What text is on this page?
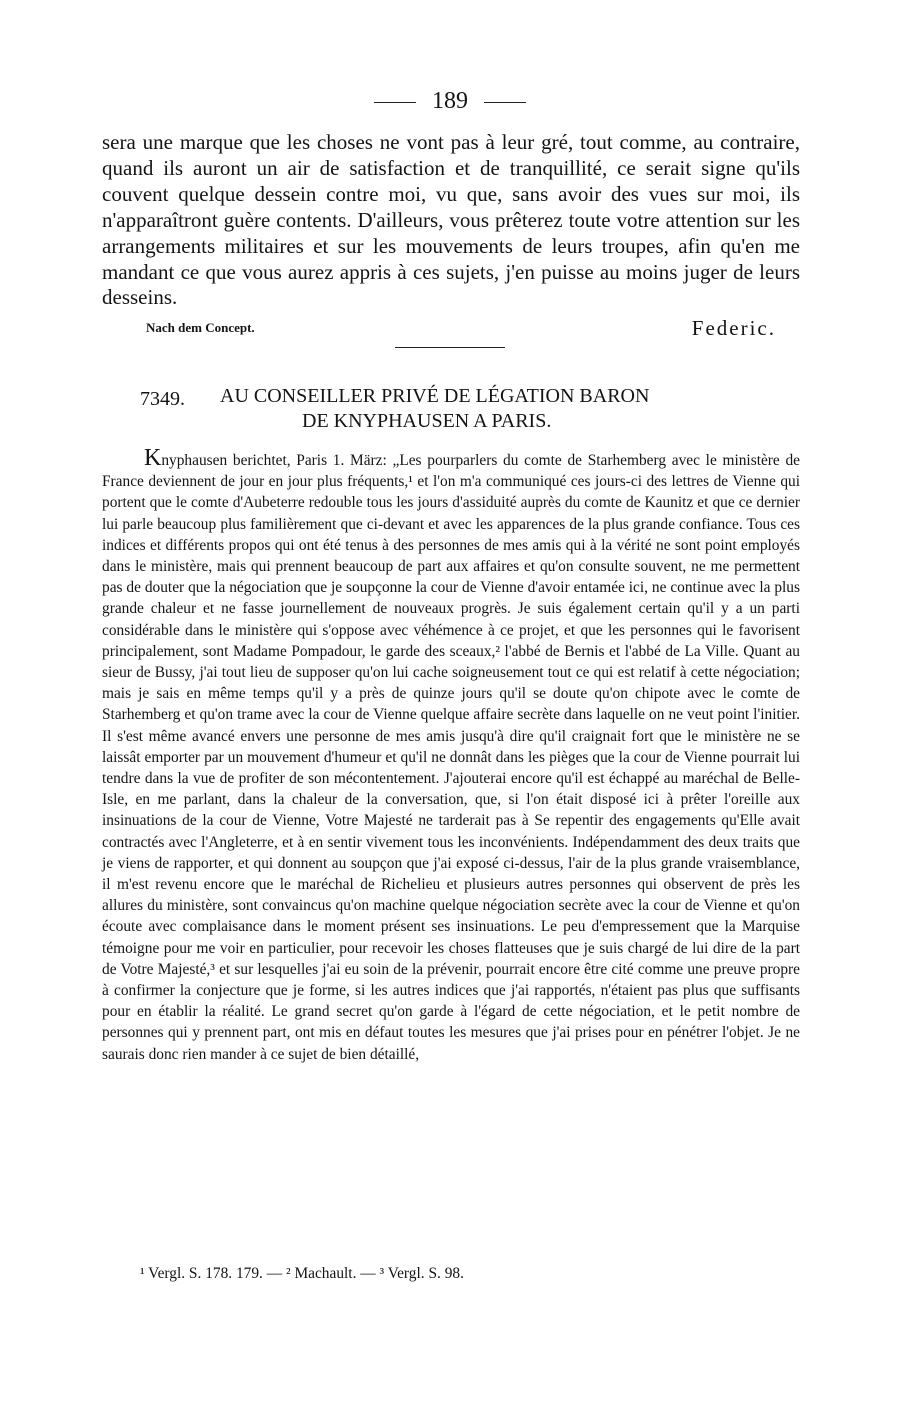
189

sera une marque que les choses ne vont pas à leur gré, tout comme, au contraire, quand ils auront un air de satisfaction et de tranquillité, ce serait signe qu'ils couvent quelque dessein contre moi, vu que, sans avoir des vues sur moi, ils n'apparaîtront guère contents. D'ailleurs, vous prêterez toute votre attention sur les arrangements militaires et sur les mouvements de leurs troupes, afin qu'en me mandant ce que vous aurez appris à ces sujets, j'en puisse au moins juger de leurs desseins.

Nach dem Concept.	Federic.
7349. AU CONSEILLER PRIVÉ DE LÉGATION BARON
DE KNYPHAUSEN A PARIS.

Knyphausen berichtet, Paris 1. März: „Les pourparlers du comte de Starhemberg avec le ministère de France deviennent de jour en jour plus fréquents,¹ et l'on m'a communiqué ces jours-ci des lettres de Vienne qui portent que le comte d'Aubeterre redouble tous les jours d'assiduité auprès du comte de Kaunitz et que ce dernier lui parle beaucoup plus familièrement que ci-devant et avec les apparences de la plus grande confiance. Tous ces indices et différents propos qui ont été tenus à des personnes de mes amis qui à la vérité ne sont point employés dans le ministère, mais qui prennent beaucoup de part aux affaires et qu'on consulte souvent, ne me permettent pas de douter que la négociation que je soupçonne la cour de Vienne d'avoir entamée ici, ne continue avec la plus grande chaleur et ne fasse journellement de nouveaux progrès. Je suis également certain qu'il y a un parti considérable dans le ministère qui s'oppose avec véhémence à ce projet, et que les personnes qui le favorisent principalement, sont Madame Pompadour, le garde des sceaux,² l'abbé de Bernis et l'abbé de La Ville. Quant au sieur de Bussy, j'ai tout lieu de supposer qu'on lui cache soigneusement tout ce qui est relatif à cette négociation; mais je sais en même temps qu'il y a près de quinze jours qu'il se doute qu'on chipote avec le comte de Starhemberg et qu'on trame avec la cour de Vienne quelque affaire secrète dans laquelle on ne veut point l'initier. Il s'est même avancé envers une personne de mes amis jusqu'à dire qu'il craignait fort que le ministère ne se laissât emporter par un mouvement d'humeur et qu'il ne donnât dans les pièges que la cour de Vienne pourrait lui tendre dans la vue de profiter de son mécontentement. J'ajouterai encore qu'il est échappé au maréchal de Belle-Isle, en me parlant, dans la chaleur de la conversation, que, si l'on était disposé ici à prêter l'oreille aux insinuations de la cour de Vienne, Votre Majesté ne tarderait pas à Se repentir des engagements qu'Elle avait contractés avec l'Angleterre, et à en sentir vivement tous les inconvénients. Indépendamment des deux traits que je viens de rapporter, et qui donnent au soupçon que j'ai exposé ci-dessus, l'air de la plus grande vraisemblance, il m'est revenu encore que le maréchal de Richelieu et plusieurs autres personnes qui observent de près les allures du ministère, sont convaincus qu'on machine quelque négociation secrète avec la cour de Vienne et qu'on écoute avec complaisance dans le moment présent ses insinuations. Le peu d'empressement que la Marquise témoigne pour me voir en particulier, pour recevoir les choses flatteuses que je suis chargé de lui dire de la part de Votre Majesté,³ et sur lesquelles j'ai eu soin de la prévenir, pourrait encore être cité comme une preuve propre à confirmer la conjecture que je forme, si les autres indices que j'ai rapportés, n'étaient pas plus que suffisants pour en établir la réalité. Le grand secret qu'on garde à l'égard de cette négociation, et le petit nombre de personnes qui y prennent part, ont mis en défaut toutes les mesures que j'ai prises pour en pénétrer l'objet. Je ne saurais donc rien mander à ce sujet de bien détaillé,

¹ Vergl. S. 178. 179. — ² Machault. — ³ Vergl. S. 98.
